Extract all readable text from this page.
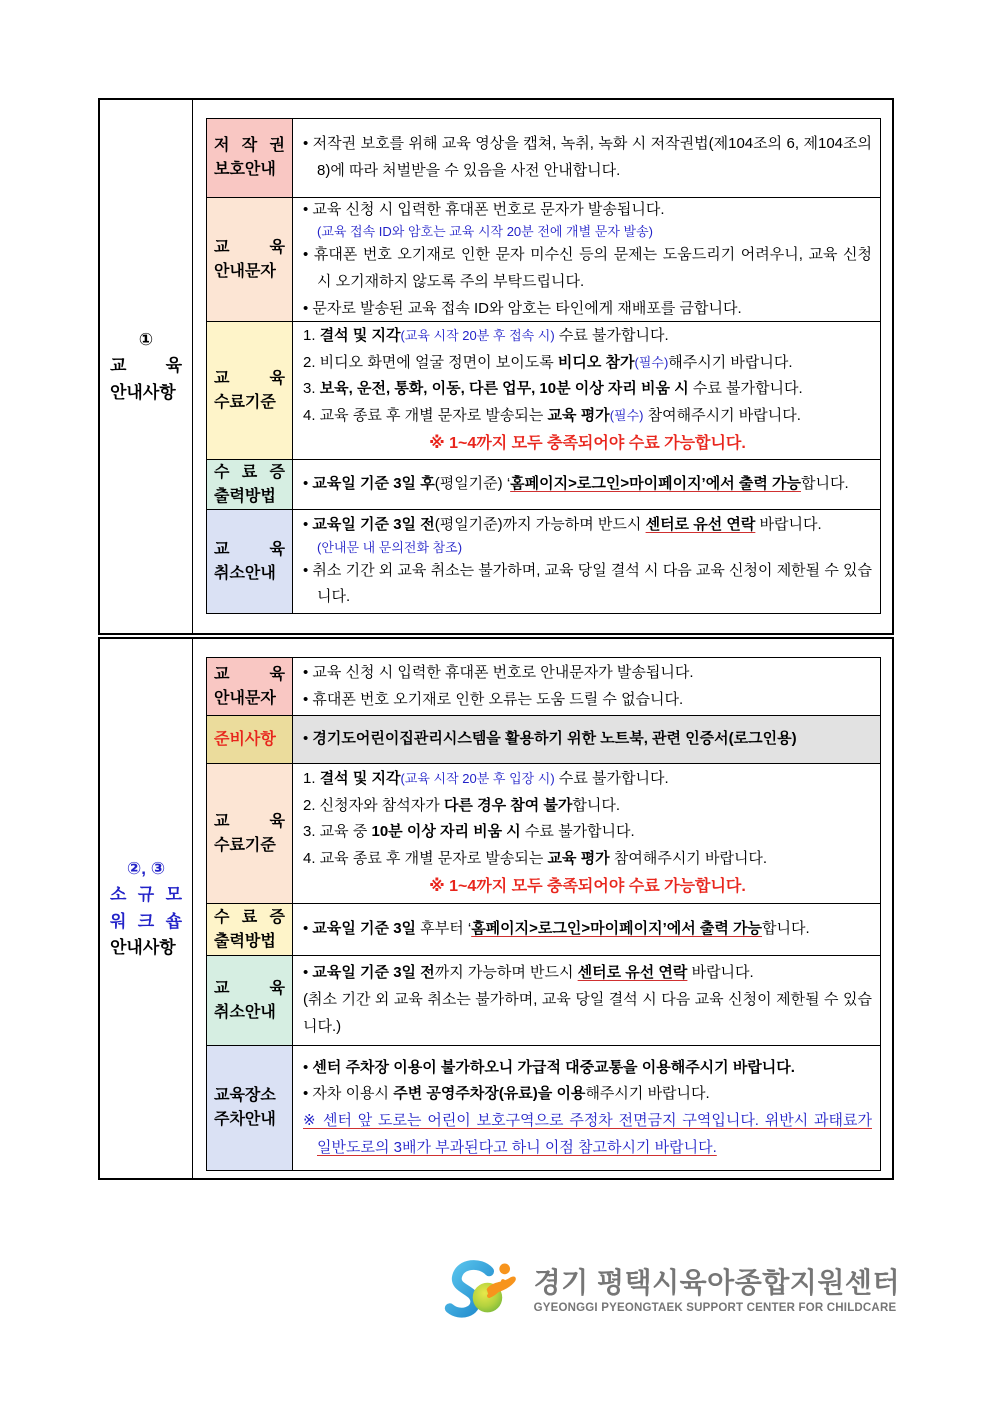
①
교 육
안내사항
저 작 권
보호안내
• 저작권 보호를 위해 교육 영상을 캡쳐, 녹취, 녹화 시 저작권법(제104조의 6, 제104조의 8)에 따라 처벌받을 수 있음을 사전 안내합니다.
교 육
안내문자
• 교육 신청 시 입력한 휴대폰 번호로 문자가 발송됩니다.
(교육 접속 ID와 암호는 교육 시작 20분 전에 개별 문자 발송)
• 휴대폰 번호 오기재로 인한 문자 미수신 등의 문제는 도움드리기 어려우니, 교육 신청 시 오기재하지 않도록 주의 부탁드립니다.
• 문자로 발송된 교육 접속 ID와 암호는 타인에게 재배포를 금합니다.
교 육
수료기준
1. 결석 및 지각(교육 시작 20분 후 접속 시) 수료 불가합니다.
2. 비디오 화면에 얼굴 정면이 보이도록 비디오 참가(필수)해주시기 바랍니다.
3. 보육, 운전, 통화, 이동, 다른 업무, 10분 이상 자리 비움 시 수료 불가합니다.
4. 교육 종료 후 개별 문자로 발송되는 교육 평가(필수) 참여해주시기 바랍니다.
※ 1~4까지 모두 충족되어야 수료 가능합니다.
수 료 증
출력방법
• 교육일 기준 3일 후(평일기준) ‘홈페이지>로그인>마이페이지’에서 출력 가능합니다.
교 육
취소안내
• 교육일 기준 3일 전(평일기준)까지 가능하며 반드시 센터로 유선 연락 바랍니다.
(안내문 내 문의전화 참조)
• 취소 기간 외 교육 취소는 불가하며, 교육 당일 결석 시 다음 교육 신청이 제한될 수 있습니다.
②, ③
소 규 모
워 크 숍
안내사항
교 육
안내문자
• 교육 신청 시 입력한 휴대폰 번호로 안내문자가 발송됩니다.
• 휴대폰 번호 오기재로 인한 오류는 도움 드릴 수 없습니다.
준비사항	• 경기도어린이집관리시스템을 활용하기 위한 노트북, 관련 인증서(로그인용)
교 육
수료기준
1. 결석 및 지각(교육 시작 20분 후 입장 시) 수료 불가합니다.
2. 신청자와 참석자가 다른 경우 참여 불가합니다.
3. 교육 중 10분 이상 자리 비움 시 수료 불가합니다.
4. 교육 종료 후 개별 문자로 발송되는 교육 평가 참여해주시기 바랍니다.
※ 1~4까지 모두 충족되어야 수료 가능합니다.
수 료 증
출력방법
• 교육일 기준 3일 후부터 ‘홈페이지>로그인>마이페이지’에서 출력 가능합니다.
교 육
취소안내
• 교육일 기준 3일 전까지 가능하며 반드시 센터로 유선 연락 바랍니다.
(취소 기간 외 교육 취소는 불가하며, 교육 당일 결석 시 다음 교육 신청이 제한될 수 있습니다.)
교육장소
주차안내
• 센터 주차장 이용이 불가하오니 가급적 대중교통을 이용해주시기 바랍니다.
• 자차 이용시 주변 공영주차장(유료)을 이용해주시기 바랍니다.
※ 센터 앞 도로는 어린이 보호구역으로 주정차 전면금지 구역입니다. 위반시 과태료가 일반도로의 3배가 부과된다고 하니 이점 참고하시기 바랍니다.
경기 평택시육아종합지원센터
GYEONGGI PYEONGTAEK SUPPORT CENTER FOR CHILDCARE
